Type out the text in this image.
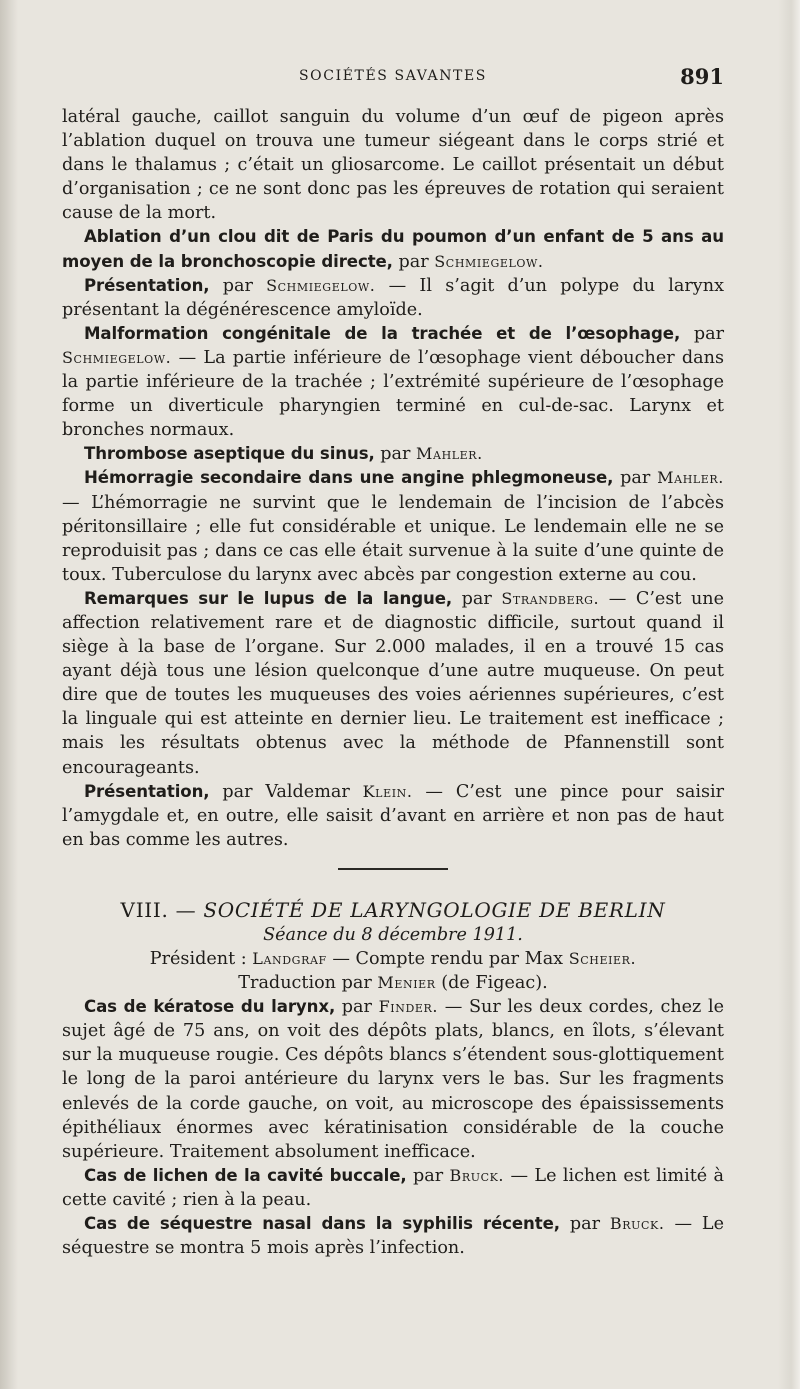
SOCIÉTÉS SAVANTES	891

latéral gauche, caillot sanguin du volume d’un œuf de pigeon après l’ablation duquel on trouva une tumeur siégeant dans le corps strié et dans le thalamus ; c’était un gliosarcome. Le caillot présentait un début d’organisation ; ce ne sont donc pas les épreuves de rotation qui seraient cause de la mort.

Ablation d’un clou dit de Paris du poumon d’un enfant de 5 ans au moyen de la bronchoscopie directe, par Schmiegelow.

Présentation, par Schmiegelow. — Il s’agit d’un polype du larynx présentant la dégénérescence amyloïde.

Malformation congénitale de la trachée et de l’œsophage, par Schmiegelow. — La partie inférieure de l’œsophage vient déboucher dans la partie inférieure de la trachée ; l’extrémité supérieure de l’œsophage forme un diverticule pharyngien terminé en cul-de-sac. Larynx et bronches normaux.

Thrombose aseptique du sinus, par Mahler.

Hémorragie secondaire dans une angine phlegmoneuse, par Mahler. — L’hémorragie ne survint que le lendemain de l’incision de l’abcès péritonsillaire ; elle fut considérable et unique. Le lendemain elle ne se reproduisit pas ; dans ce cas elle était survenue à la suite d’une quinte de toux. Tuberculose du larynx avec abcès par congestion externe au cou.

Remarques sur le lupus de la langue, par Strandberg. — C’est une affection relativement rare et de diagnostic difficile, surtout quand il siège à la base de l’organe. Sur 2.000 malades, il en a trouvé 15 cas ayant déjà tous une lésion quelconque d’une autre muqueuse. On peut dire que de toutes les muqueuses des voies aériennes supérieures, c’est la linguale qui est atteinte en dernier lieu. Le traitement est inefficace ; mais les résultats obtenus avec la méthode de Pfannenstill sont encourageants.

Présentation, par Valdemar Klein. — C’est une pince pour saisir l’amygdale et, en outre, elle saisit d’avant en arrière et non pas de haut en bas comme les autres.

VIII. — SOCIÉTÉ DE LARYNGOLOGIE DE BERLIN

Séance du 8 décembre 1911.

Président : Landgraf — Compte rendu par Max Scheier.

Traduction par Menier (de Figeac).

Cas de kératose du larynx, par Finder. — Sur les deux cordes, chez le sujet âgé de 75 ans, on voit des dépôts plats, blancs, en îlots, s’élevant sur la muqueuse rougie. Ces dépôts blancs s’étendent sous-glottiquement le long de la paroi antérieure du larynx vers le bas. Sur les fragments enlevés de la corde gauche, on voit, au microscope des épaississements épithéliaux énormes avec kératinisation considérable de la couche supérieure. Traitement absolument inefficace.

Cas de lichen de la cavité buccale, par Bruck. — Le lichen est limité à cette cavité ; rien à la peau.

Cas de séquestre nasal dans la syphilis récente, par Bruck. — Le séquestre se montra 5 mois après l’infection.
